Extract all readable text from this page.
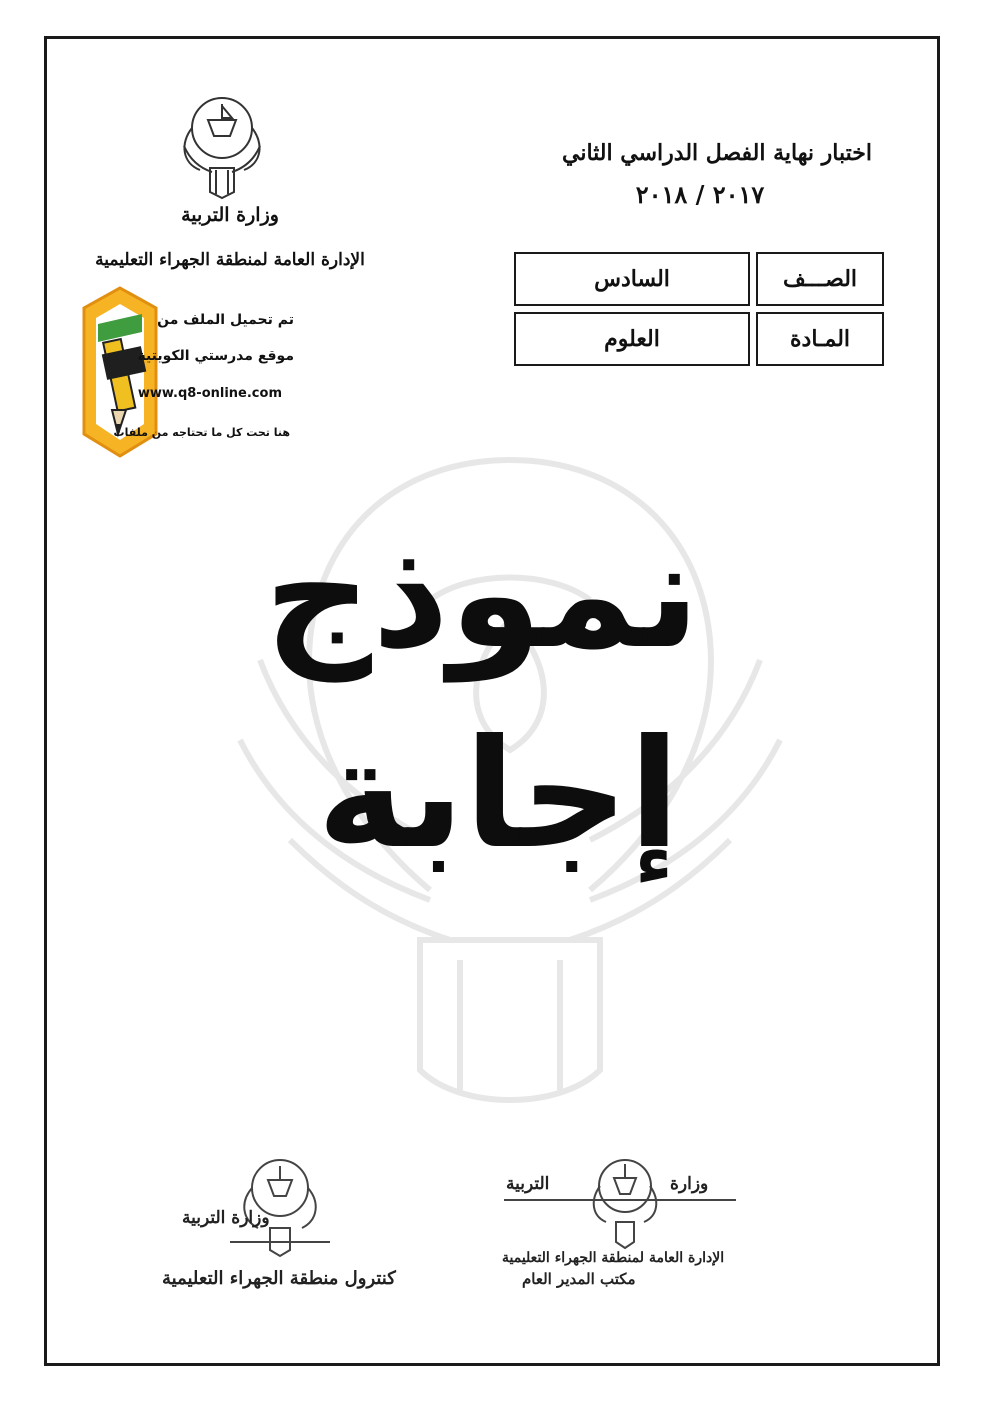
وزارة التربية
الإدارة العامة لمنطقة الجهراء التعليمية
تم تحميل الملف من
موقع مدرستي الكويتية
www.q8-online.com
هنا تحت كل ما تحتاجه من ملفات
اختبار نهاية الفصل الدراسي الثاني
٢٠١٧ / ٢٠١٨
السادس	الصـــف
العلوم	المـادة
نموذج
إجابة
وزارة التربية
كنترول منطقة الجهراء التعليمية
وزارة
التربية
الإدارة العامة لمنطقة الجهراء التعليمية
مكتب المدير العام
